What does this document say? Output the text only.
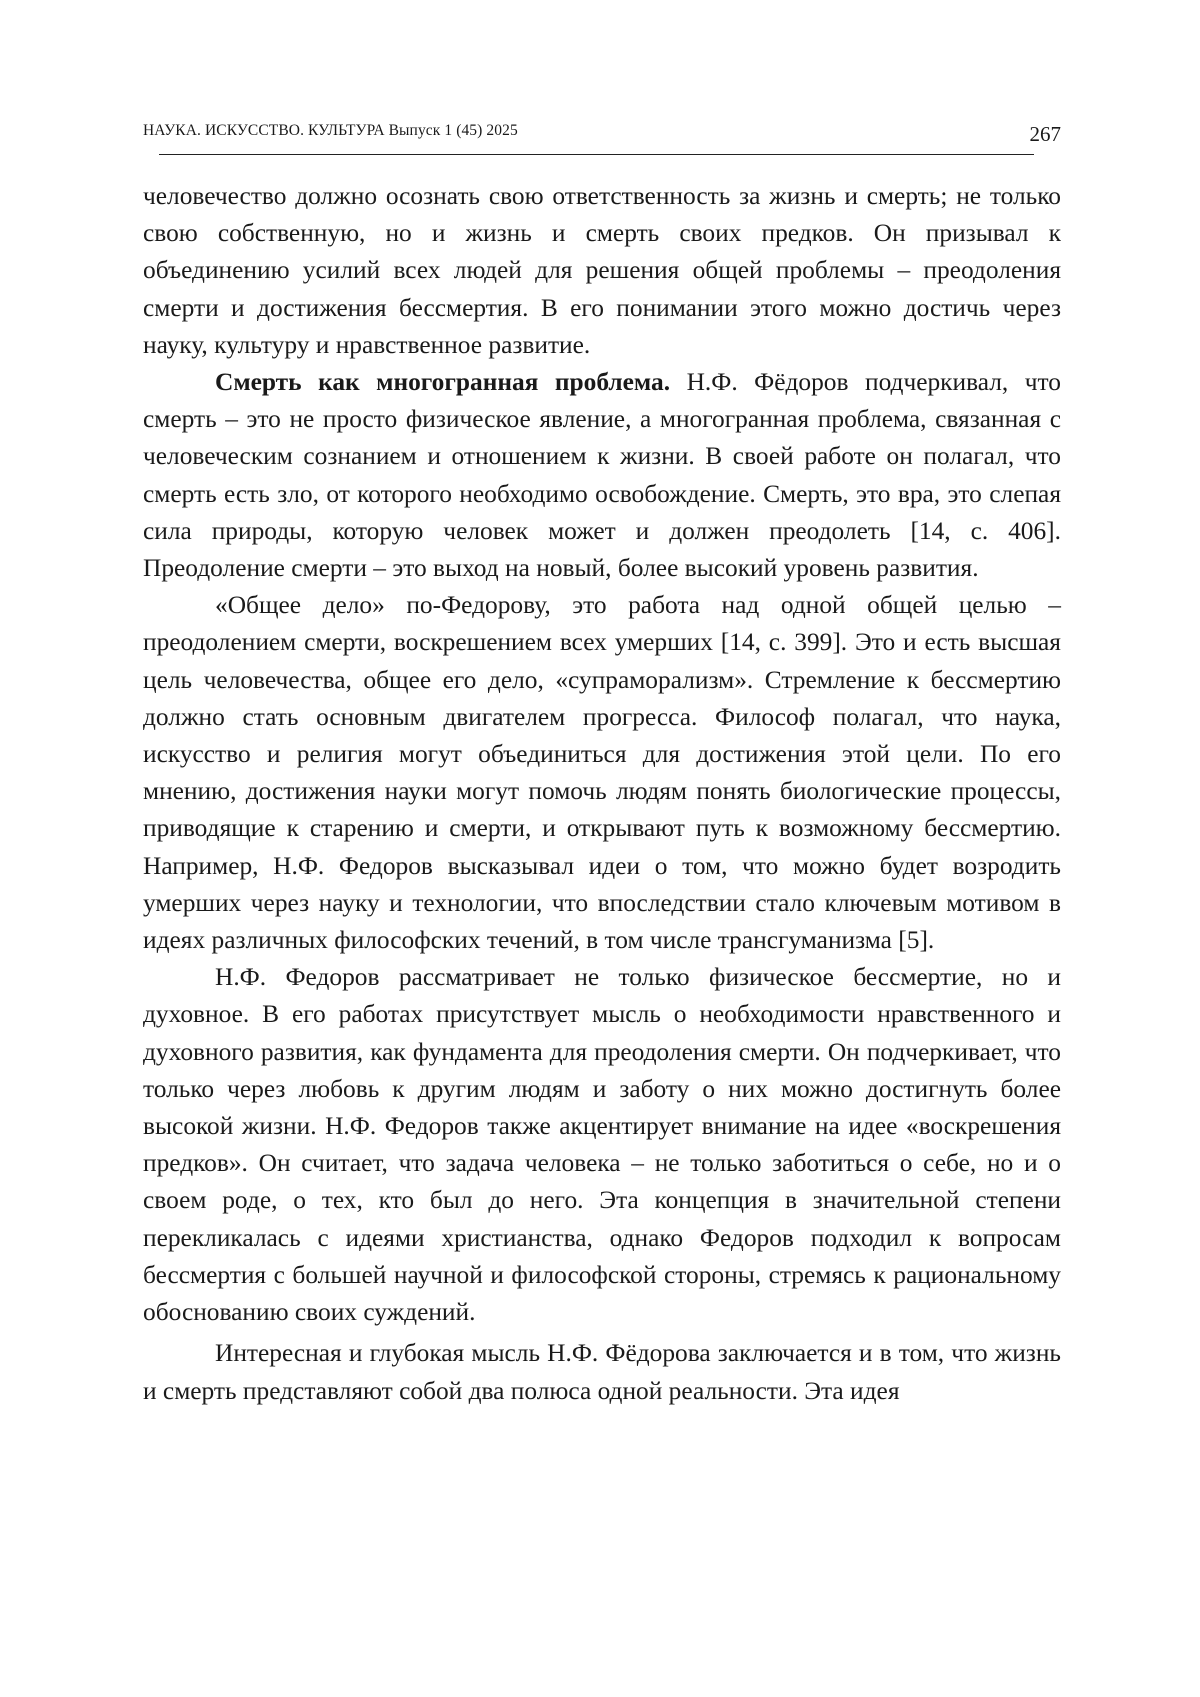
НАУКА. ИСКУССТВО. КУЛЬТУРА Выпуск 1 (45) 2025	267

человечество должно осознать свою ответственность за жизнь и смерть; не только свою собственную, но и жизнь и смерть своих предков. Он призывал к объединению усилий всех людей для решения общей проблемы – преодоления смерти и достижения бессмертия. В его понимании этого можно достичь через науку, культуру и нравственное развитие.

Смерть как многогранная проблема. Н.Ф. Фёдоров подчеркивал, что смерть – это не просто физическое явление, а многогранная проблема, связанная с человеческим сознанием и отношением к жизни. В своей работе он полагал, что смерть есть зло, от которого необходимо освобождение. Смерть, это вра, это слепая сила природы, которую человек может и должен преодолеть [14, с. 406]. Преодоление смерти – это выход на новый, более высокий уровень развития.

«Общее дело» по-Федорову, это работа над одной общей целью – преодолением смерти, воскрешением всех умерших [14, с. 399]. Это и есть высшая цель человечества, общее его дело, «супраморализм». Стремление к бессмертию должно стать основным двигателем прогресса. Философ полагал, что наука, искусство и религия могут объединиться для достижения этой цели. По его мнению, достижения науки могут помочь людям понять биологические процессы, приводящие к старению и смерти, и открывают путь к возможному бессмертию. Например, Н.Ф. Федоров высказывал идеи о том, что можно будет возродить умерших через науку и технологии, что впоследствии стало ключевым мотивом в идеях различных философских течений, в том числе трансгуманизма [5].

Н.Ф. Федоров рассматривает не только физическое бессмертие, но и духовное. В его работах присутствует мысль о необходимости нравственного и духовного развития, как фундамента для преодоления смерти. Он подчеркивает, что только через любовь к другим людям и заботу о них можно достигнуть более высокой жизни. Н.Ф. Федоров также акцентирует внимание на идее «воскрешения предков». Он считает, что задача человека – не только заботиться о себе, но и о своем роде, о тех, кто был до него. Эта концепция в значительной степени перекликалась с идеями христианства, однако Федоров подходил к вопросам бессмертия с большей научной и философской стороны, стремясь к рациональному обоснованию своих суждений.

Интересная и глубокая мысль Н.Ф. Фёдорова заключается и в том, что жизнь и смерть представляют собой два полюса одной реальности. Эта идея
